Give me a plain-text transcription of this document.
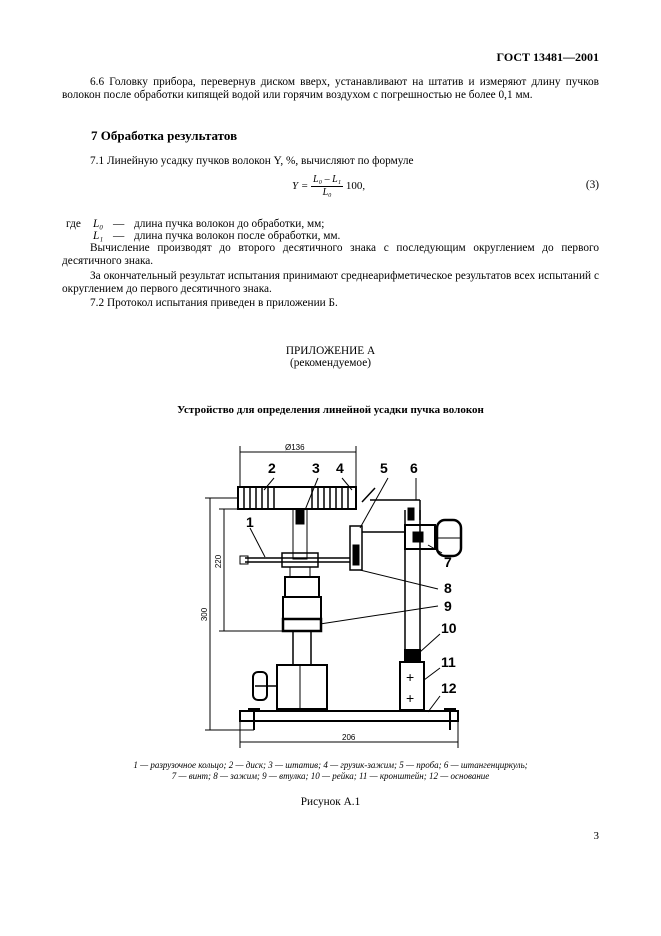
ГОСТ 13481—2001
6.6 Головку прибора, перевернув диском вверх, устанавливают на штатив и измеряют длину пучков волокон после обработки кипящей водой или горячим воздухом с погрешностью не более 0,1 мм.
7 Обработка результатов
7.1 Линейную усадку пучков волокон Y, %, вычисляют по формуле
$Y = \frac{\text{L₀ – L₁}}{\text{L₀}} 100$,	(3)
где L₀ — длина пучка волокон до обработки, мм;
L₁ — длина пучка волокон после обработки, мм.
Вычисление производят до второго десятичного знака с последующим округлением до первого десятичного знака.
За окончательный результат испытания принимают среднеарифметическое результатов всех испытаний с округлением до первого десятичного знака.
7.2 Протокол испытания приведен в приложении Б.
ПРИЛОЖЕНИЕ А
(рекомендуемое)
Устройство для определения линейной усадки пучка волокон
+
+
Ø136
220
300
206
1
2	3 4	5 6
7
8
9
10
11
12
1 — разрузочное кольцо; 2 — диск; 3 — штатив; 4 — грузик-зажим; 5 — проба; 6 — штангенциркуль;
7 — винт; 8 — зажим; 9 — втулка; 10 — рейка; 11 — кронштейн; 12 — основание
Рисунок А.1
3
